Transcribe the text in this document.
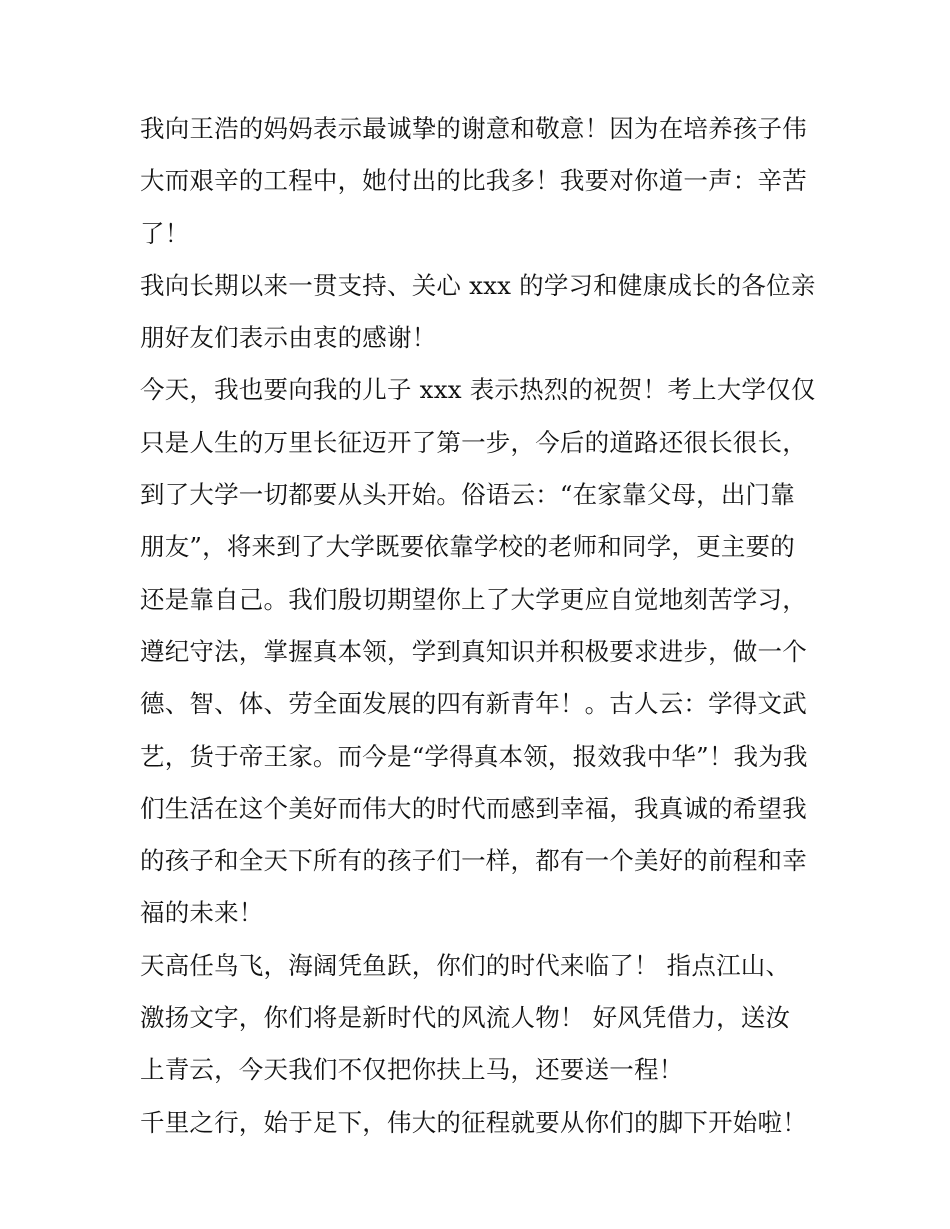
我向王浩的妈妈表示最诚挚的谢意和敬意！因为在培养孩子伟
大而艰辛的工程中，她付出的比我多！我要对你道一声：辛苦
了！
我向长期以来一贯支持、关心 xxx 的学习和健康成长的各位亲
朋好友们表示由衷的感谢！
今天，我也要向我的儿子 xxx 表示热烈的祝贺！考上大学仅仅
只是人生的万里长征迈开了第一步，今后的道路还很长很长，
到了大学一切都要从头开始。俗语云：“在家靠父母，出门靠
朋友”，将来到了大学既要依靠学校的老师和同学，更主要的
还是靠自己。我们殷切期望你上了大学更应自觉地刻苦学习，
遵纪守法，掌握真本领，学到真知识并积极要求进步，做一个
德、智、体、劳全面发展的四有新青年！。古人云：学得文武
艺，货于帝王家。而今是“学得真本领，报效我中华”！我为我
们生活在这个美好而伟大的时代而感到幸福，我真诚的希望我
的孩子和全天下所有的孩子们一样，都有一个美好的前程和幸
福的未来！
天高任鸟飞，海阔凭鱼跃，你们的时代来临了！ 指点江山、
激扬文字，你们将是新时代的风流人物！ 好风凭借力，送汝
上青云，今天我们不仅把你扶上马，还要送一程！
千里之行，始于足下，伟大的征程就要从你们的脚下开始啦！
